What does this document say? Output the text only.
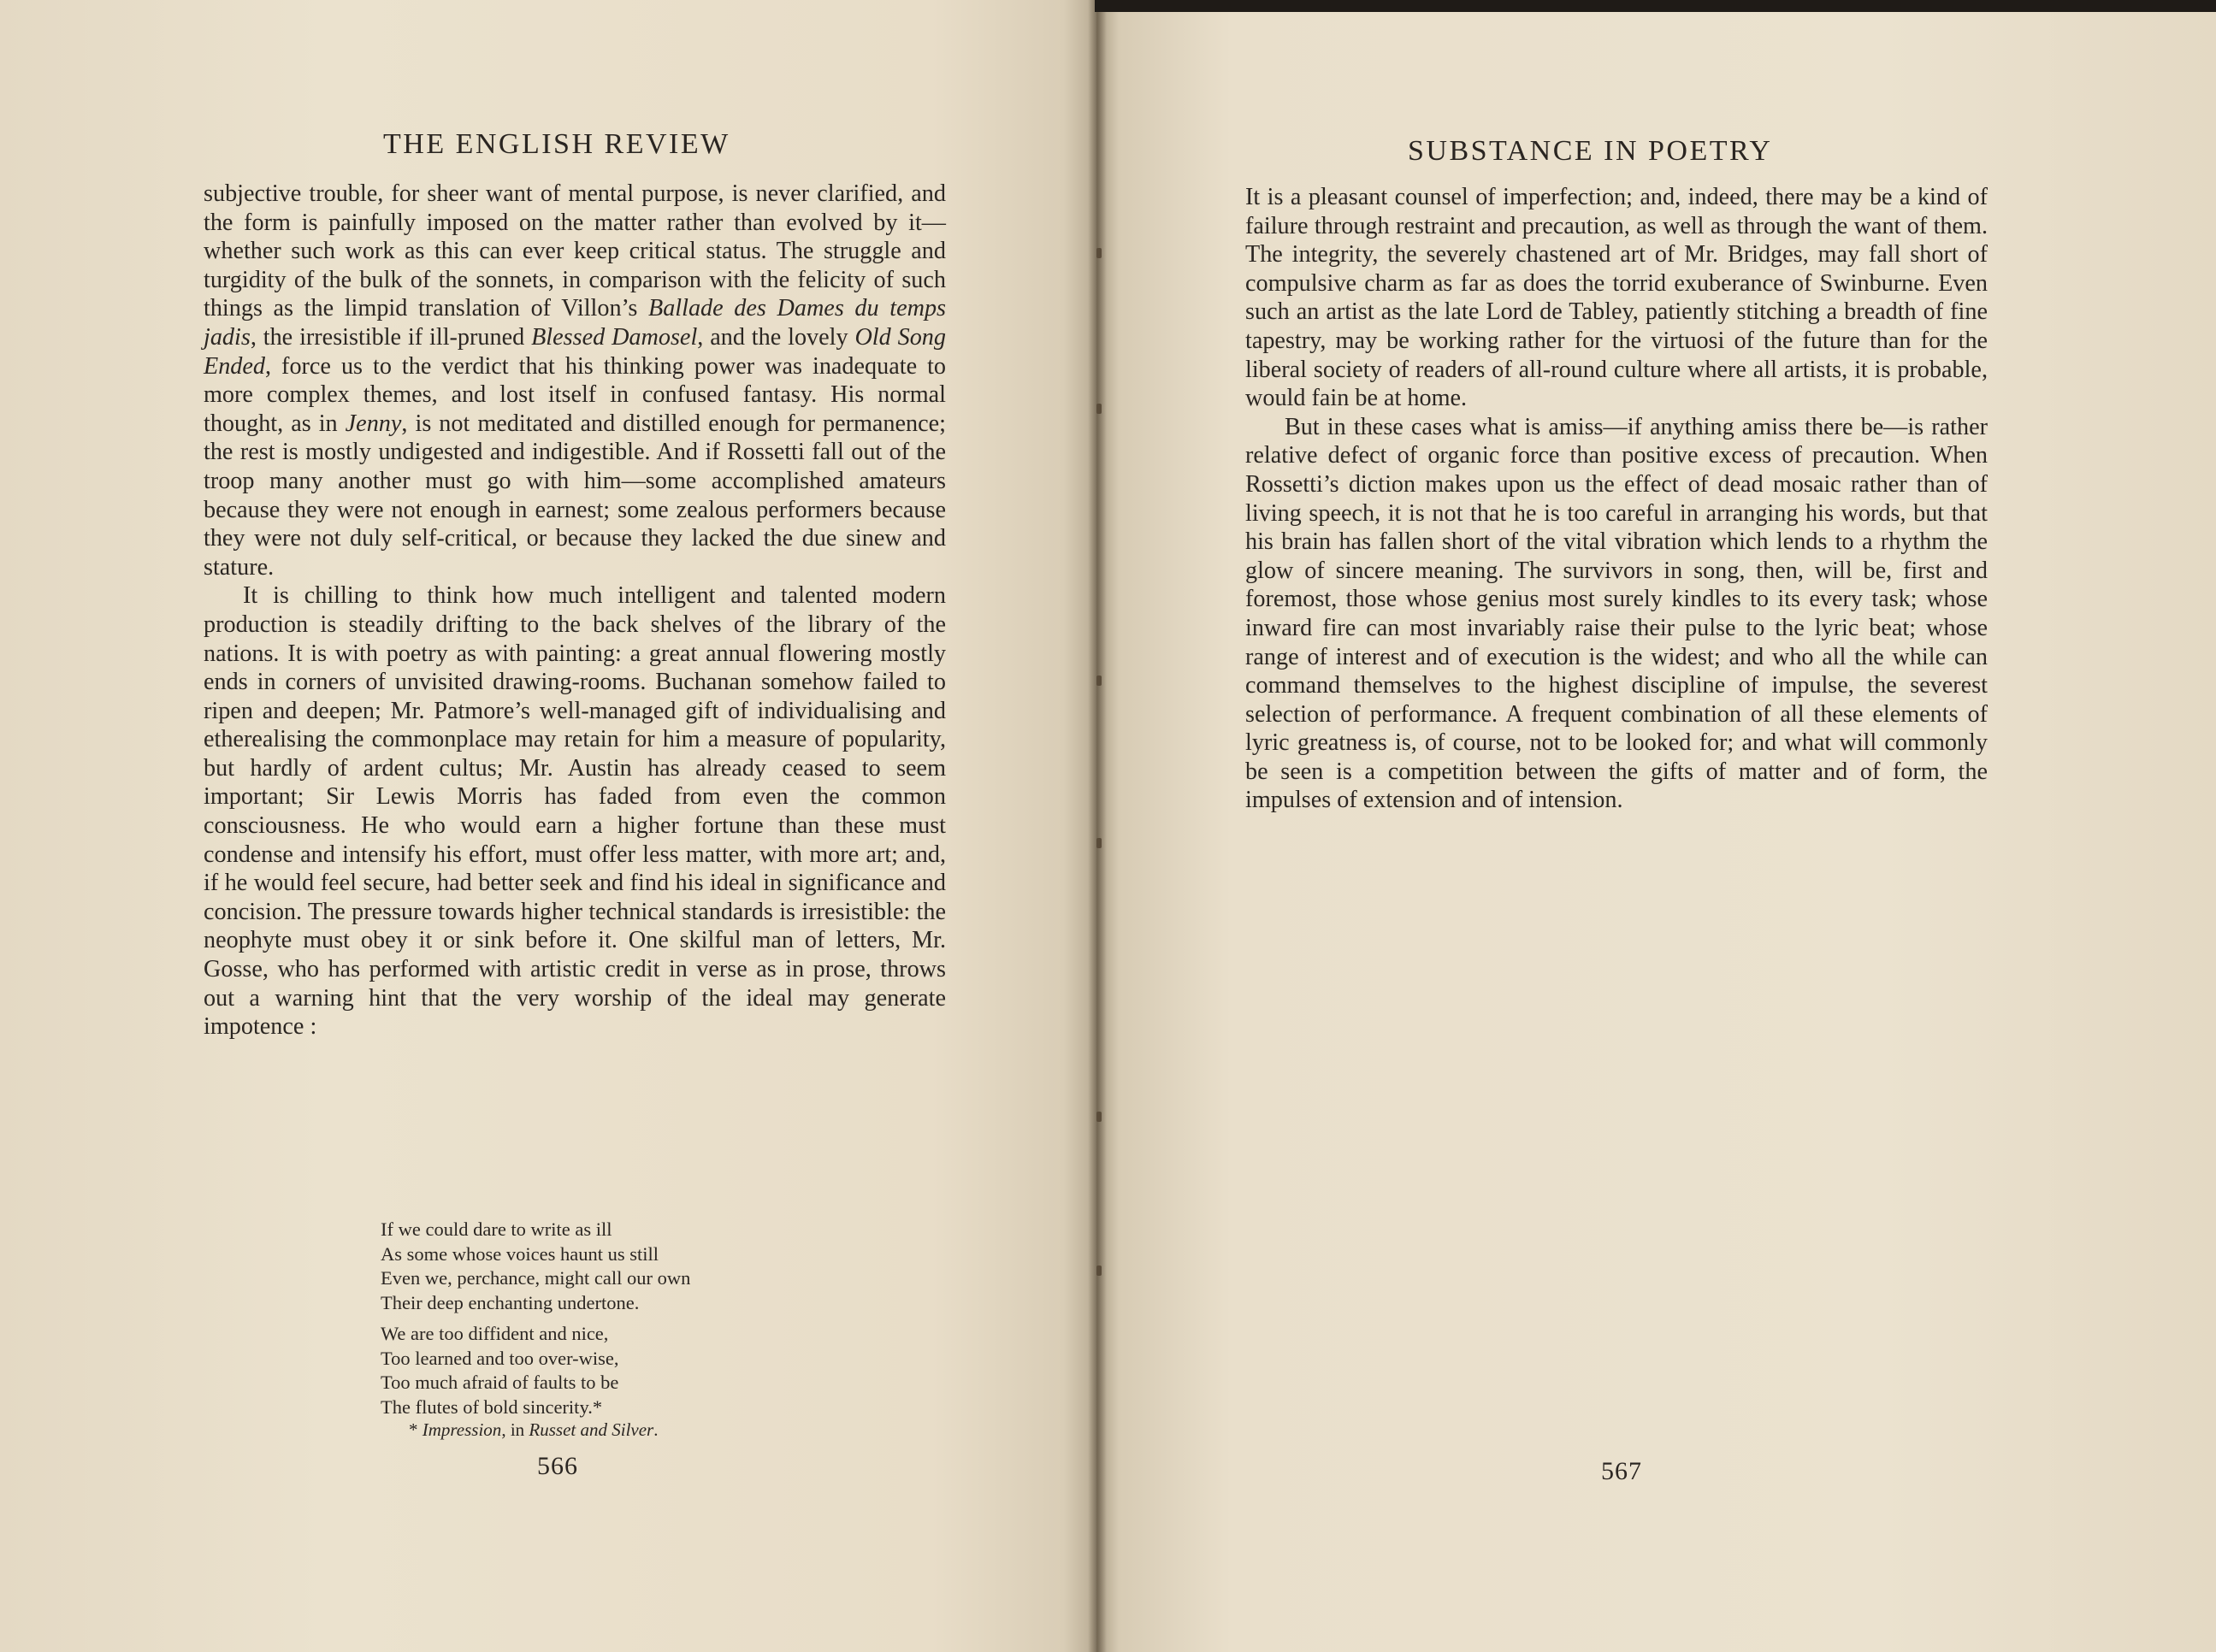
THE ENGLISH REVIEW

subjective trouble, for sheer want of mental purpose, is never clarified, and the form is painfully imposed on the matter rather than evolved by it—whether such work as this can ever keep critical status. The struggle and turgidity of the bulk of the sonnets, in comparison with the felicity of such things as the limpid translation of Villon’s Ballade des Dames du temps jadis, the irresistible if ill-pruned Blessed Damosel, and the lovely Old Song Ended, force us to the verdict that his thinking power was inadequate to more complex themes, and lost itself in confused fantasy. His normal thought, as in Jenny, is not meditated and distilled enough for permanence; the rest is mostly undigested and indigestible. And if Rossetti fall out of the troop many another must go with him—some accomplished amateurs because they were not enough in earnest; some zealous performers because they were not duly self-critical, or because they lacked the due sinew and stature.

It is chilling to think how much intelligent and talented modern production is steadily drifting to the back shelves of the library of the nations. It is with poetry as with painting: a great annual flowering mostly ends in corners of unvisited drawing-rooms. Buchanan somehow failed to ripen and deepen; Mr. Patmore’s well-managed gift of individualising and etherealising the commonplace may retain for him a measure of popularity, but hardly of ardent cultus; Mr. Austin has already ceased to seem important; Sir Lewis Morris has faded from even the common consciousness. He who would earn a higher fortune than these must condense and intensify his effort, must offer less matter, with more art; and, if he would feel secure, had better seek and find his ideal in significance and concision. The pressure towards higher technical standards is irresistible: the neophyte must obey it or sink before it. One skilful man of letters, Mr. Gosse, who has performed with artistic credit in verse as in prose, throws out a warning hint that the very worship of the ideal may generate impotence :

If we could dare to write as ill
As some whose voices haunt us still
Even we, perchance, might call our own
Their deep enchanting undertone.
We are too diffident and nice,
Too learned and too over-wise,
Too much afraid of faults to be
The flutes of bold sincerity.*
* Impression, in Russet and Silver.
566
SUBSTANCE IN POETRY

It is a pleasant counsel of imperfection; and, indeed, there may be a kind of failure through restraint and precaution, as well as through the want of them. The integrity, the severely chastened art of Mr. Bridges, may fall short of compulsive charm as far as does the torrid exuberance of Swinburne. Even such an artist as the late Lord de Tabley, patiently stitching a breadth of fine tapestry, may be working rather for the virtuosi of the future than for the liberal society of readers of all-round culture where all artists, it is probable, would fain be at home.

But in these cases what is amiss—if anything amiss there be—is rather relative defect of organic force than positive excess of precaution. When Rossetti’s diction makes upon us the effect of dead mosaic rather than of living speech, it is not that he is too careful in arranging his words, but that his brain has fallen short of the vital vibration which lends to a rhythm the glow of sincere meaning. The survivors in song, then, will be, first and foremost, those whose genius most surely kindles to its every task; whose inward fire can most invariably raise their pulse to the lyric beat; whose range of interest and of execution is the widest; and who all the while can command themselves to the highest discipline of impulse, the severest selection of performance. A frequent combination of all these elements of lyric greatness is, of course, not to be looked for; and what will commonly be seen is a competition between the gifts of matter and of form, the impulses of extension and of intension.

567
